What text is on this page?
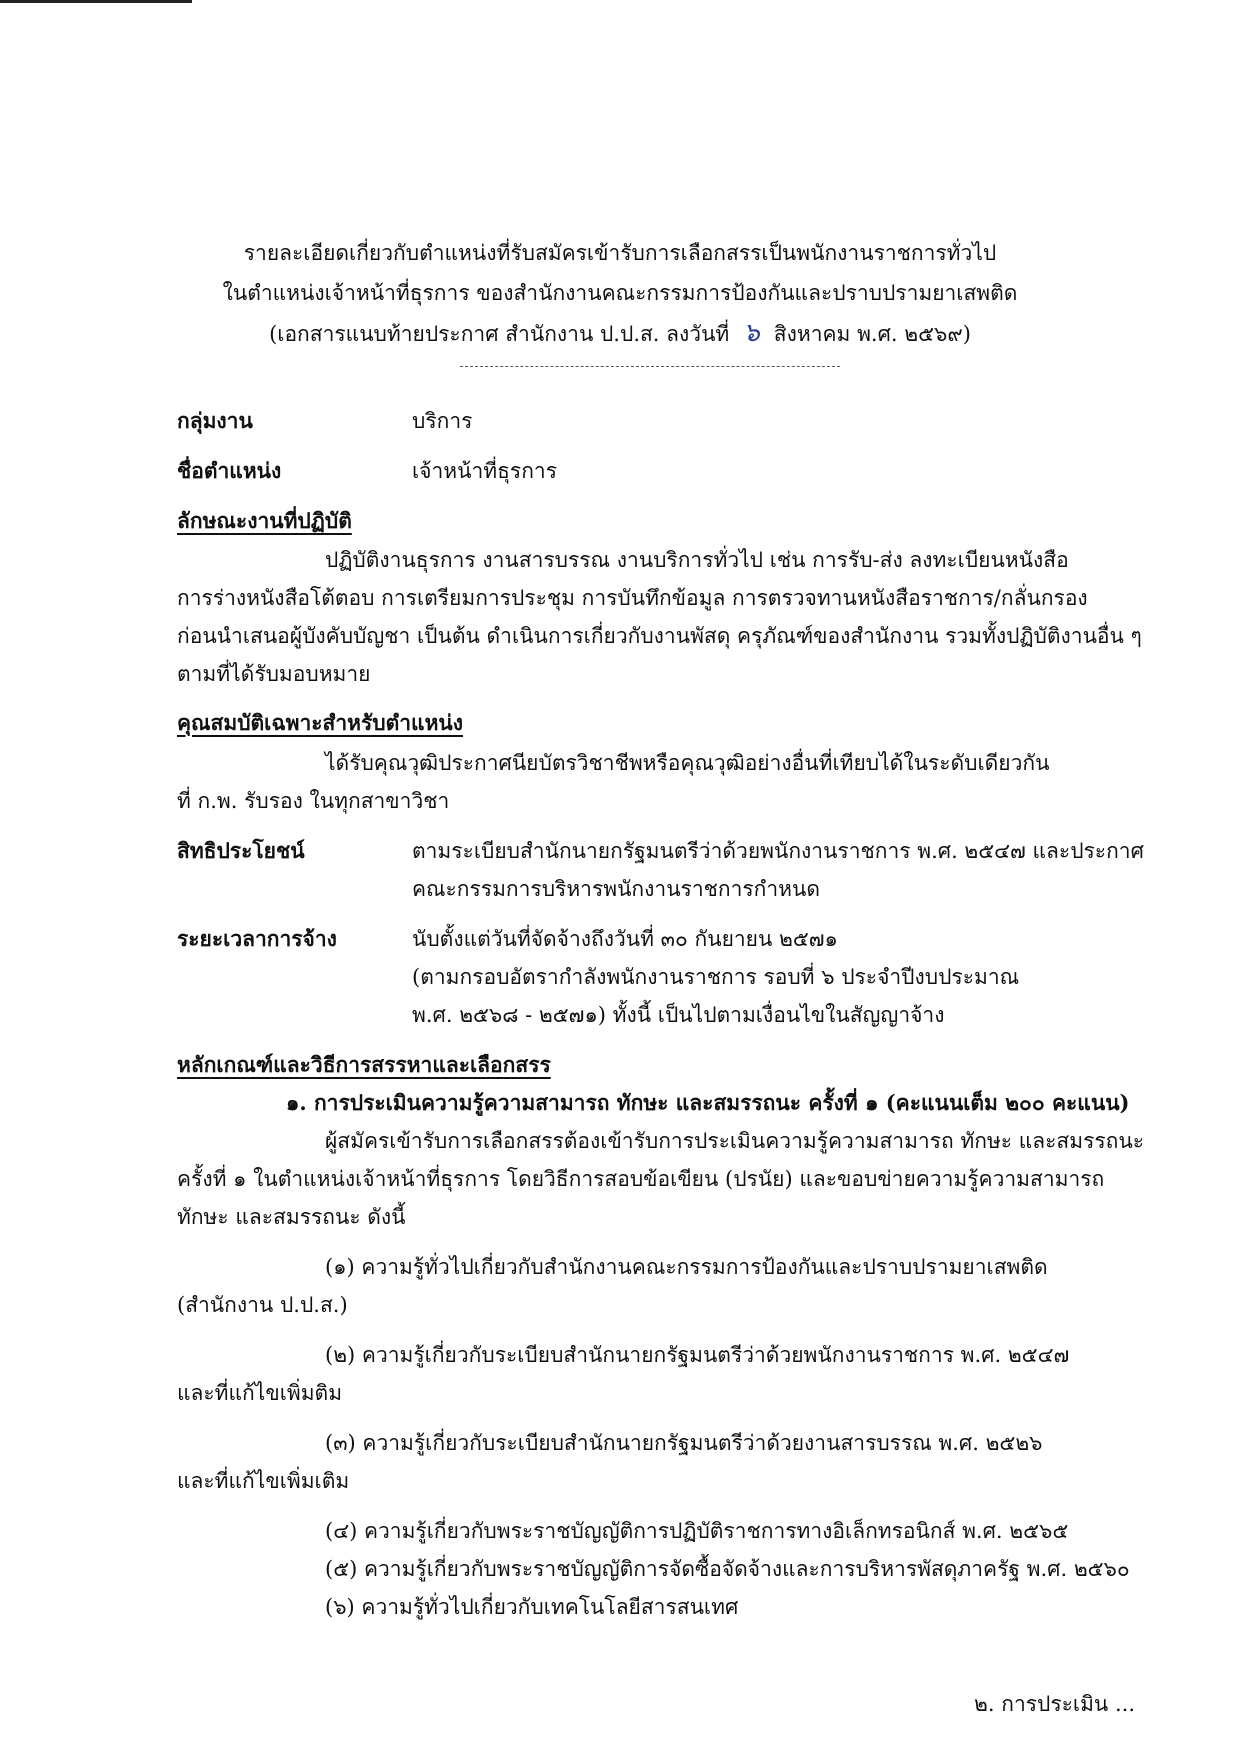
รายละเอียดเกี่ยวกับตำแหน่งที่รับสมัครเข้ารับการเลือกสรรเป็นพนักงานราชการทั่วไป
ในตำแหน่งเจ้าหน้าที่ธุรการ ของสำนักงานคณะกรรมการป้องกันและปราบปรามยาเสพติด
(เอกสารแนบท้ายประกาศ สำนักงาน ป.ป.ส. ลงวันที่ ๖ สิงหาคม พ.ศ. ๒๕๖๙)
กลุ่มงาน	บริการ
ชื่อตำแหน่ง	เจ้าหน้าที่ธุรการ
ลักษณะงานที่ปฏิบัติ
ปฏิบัติงานธุรการ งานสารบรรณ งานบริการทั่วไป เช่น การรับ-ส่ง ลงทะเบียนหนังสือ
การร่างหนังสือโต้ตอบ การเตรียมการประชุม การบันทึกข้อมูล การตรวจทานหนังสือราชการ/กลั่นกรอง
ก่อนนำเสนอผู้บังคับบัญชา เป็นต้น ดำเนินการเกี่ยวกับงานพัสดุ ครุภัณฑ์ของสำนักงาน รวมทั้งปฏิบัติงานอื่น ๆ
ตามที่ได้รับมอบหมาย
คุณสมบัติเฉพาะสำหรับตำแหน่ง
ได้รับคุณวุฒิประกาศนียบัตรวิชาชีพหรือคุณวุฒิอย่างอื่นที่เทียบได้ในระดับเดียวกัน
ที่ ก.พ. รับรอง ในทุกสาขาวิชา
สิทธิประโยชน์	ตามระเบียบสำนักนายกรัฐมนตรีว่าด้วยพนักงานราชการ พ.ศ. ๒๕๔๗ และประกาศ
คณะกรรมการบริหารพนักงานราชการกำหนด
ระยะเวลาการจ้าง	นับตั้งแต่วันที่จัดจ้างถึงวันที่ ๓๐ กันยายน ๒๕๗๑
(ตามกรอบอัตรากำลังพนักงานราชการ รอบที่ ๖ ประจำปีงบประมาณ
พ.ศ. ๒๕๖๘ - ๒๕๗๑) ทั้งนี้ เป็นไปตามเงื่อนไขในสัญญาจ้าง
หลักเกณฑ์และวิธีการสรรหาและเลือกสรร
๑. การประเมินความรู้ความสามารถ ทักษะ และสมรรถนะ ครั้งที่ ๑ (คะแนนเต็ม ๒๐๐ คะแนน)
ผู้สมัครเข้ารับการเลือกสรรต้องเข้ารับการประเมินความรู้ความสามารถ ทักษะ และสมรรถนะ
ครั้งที่ ๑ ในตำแหน่งเจ้าหน้าที่ธุรการ โดยวิธีการสอบข้อเขียน (ปรนัย) และขอบข่ายความรู้ความสามารถ
ทักษะ และสมรรถนะ ดังนี้
(๑) ความรู้ทั่วไปเกี่ยวกับสำนักงานคณะกรรมการป้องกันและปราบปรามยาเสพติด
(สำนักงาน ป.ป.ส.)
(๒) ความรู้เกี่ยวกับระเบียบสำนักนายกรัฐมนตรีว่าด้วยพนักงานราชการ พ.ศ. ๒๕๔๗
และที่แก้ไขเพิ่มติม
(๓) ความรู้เกี่ยวกับระเบียบสำนักนายกรัฐมนตรีว่าด้วยงานสารบรรณ พ.ศ. ๒๕๒๖
และที่แก้ไขเพิ่มเติม
(๔) ความรู้เกี่ยวกับพระราชบัญญัติการปฏิบัติราชการทางอิเล็กทรอนิกส์ พ.ศ. ๒๕๖๕
(๕) ความรู้เกี่ยวกับพระราชบัญญัติการจัดซื้อจัดจ้างและการบริหารพัสดุภาครัฐ พ.ศ. ๒๕๖๐
(๖) ความรู้ทั่วไปเกี่ยวกับเทคโนโลยีสารสนเทศ
๒. การประเมิน ...
